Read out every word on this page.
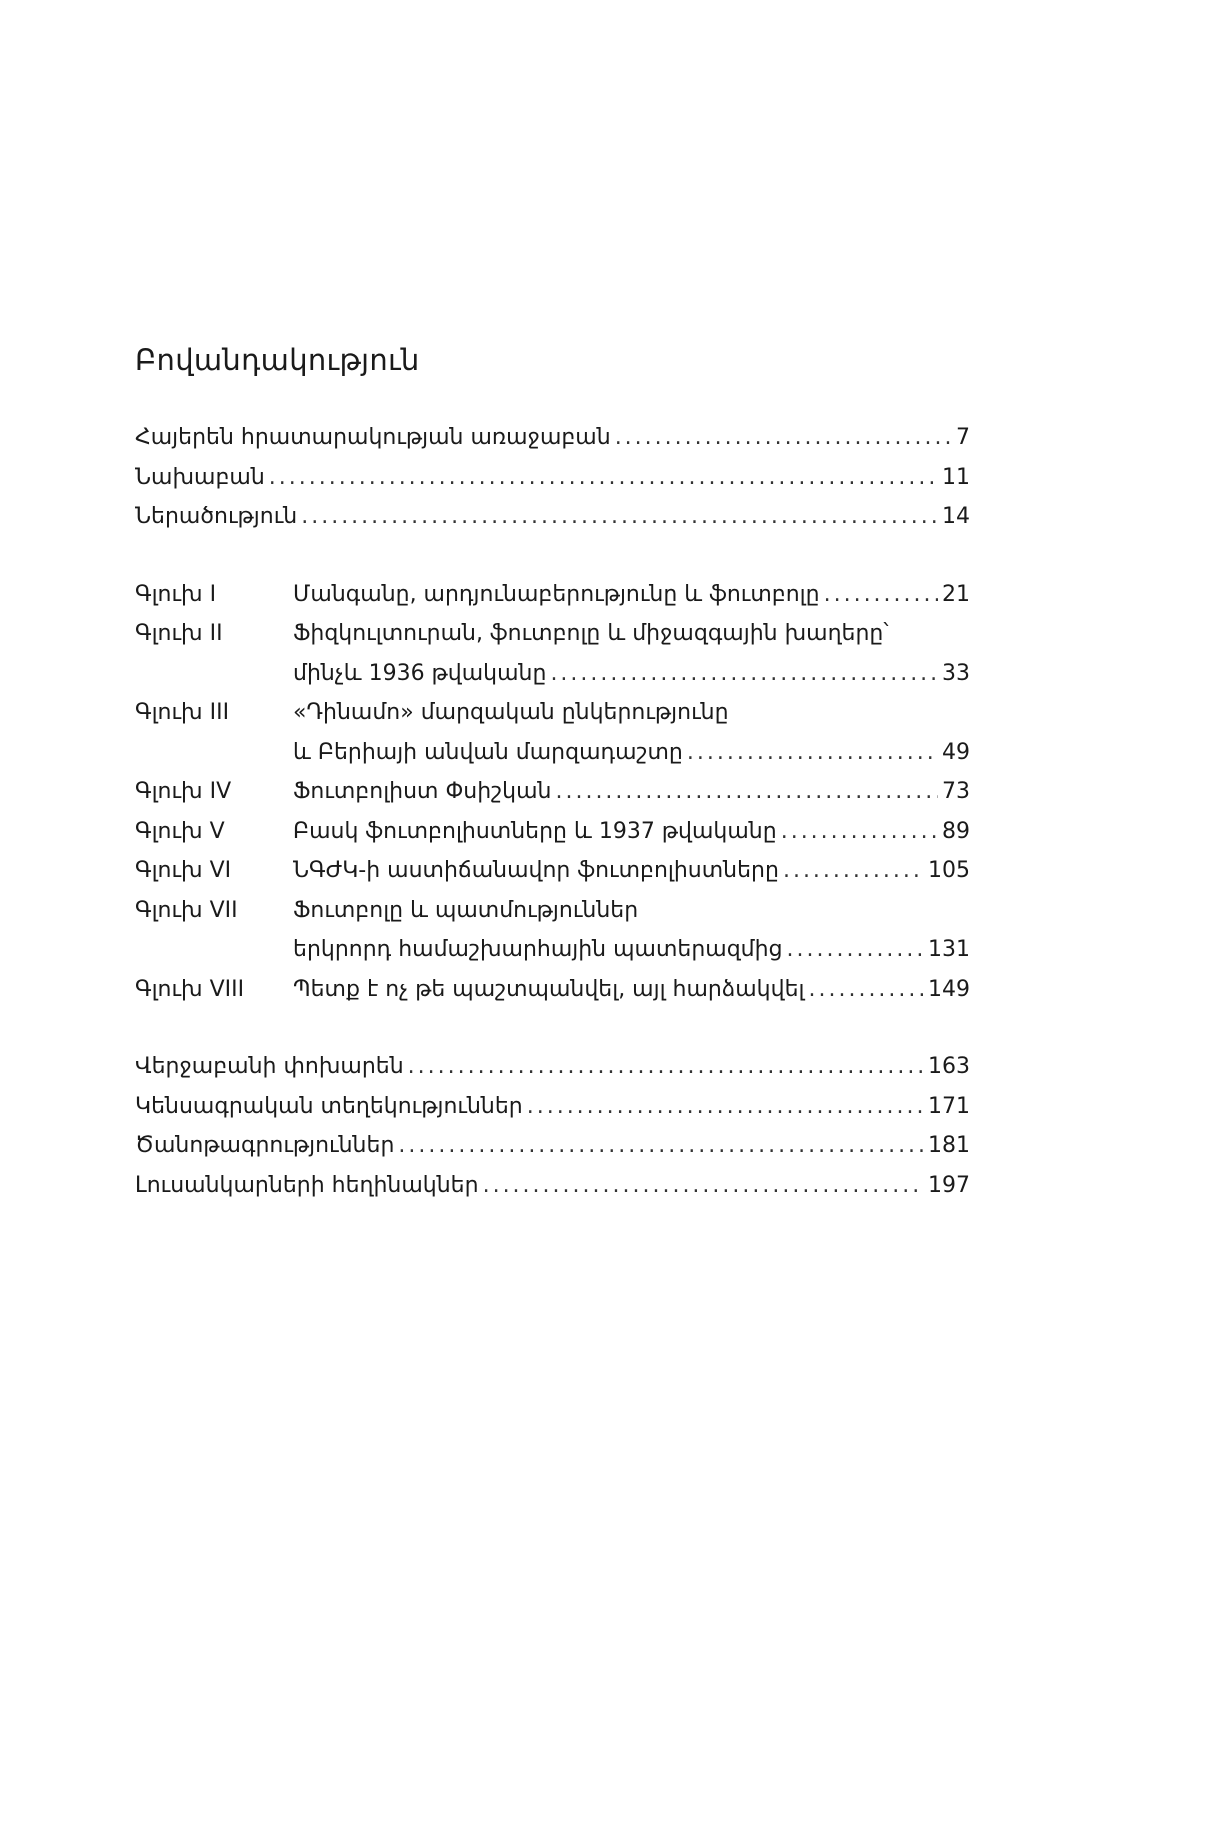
Բովանդակություն
Հայերեն հրատարակության առաջաբան .....	7
Նախաբան .....	11
Ներածություն .....	14
Գլուխ I	Մանգանը, արդյունաբերությունը և ֆուտբոլը .....	21
Գլուխ II	Ֆիզկուլտուրան, ֆուտբոլը և միջազգային խաղերը՝
մինչև 1936 թվականը .....	33
Գլուխ III	«Դինամո» մարզական ընկերությունը
և Բերիայի անվան մարզադաշտը .....	49
Գլուխ IV	Ֆուտբոլիստ Փսիշկան .....	73
Գլուխ V	Բասկ ֆուտբոլիստները և 1937 թվականը .....	89
Գլուխ VI	ՆԳԺԿ-ի աստիճանավոր ֆուտբոլիստները .....	105
Գլուխ VII	Ֆուտբոլը և պատմություններ
երկրորդ համաշխարհային պատերազմից .....	131
Գլուխ VIII	Պետք է ոչ թե պաշտպանվել, այլ հարձակվել .....	149
Վերջաբանի փոխարեն .....	163
Կենսագրական տեղեկություններ .....	171
Ծանոթագրություններ .....	181
Լուսանկարների հեղինակներ .....	197
